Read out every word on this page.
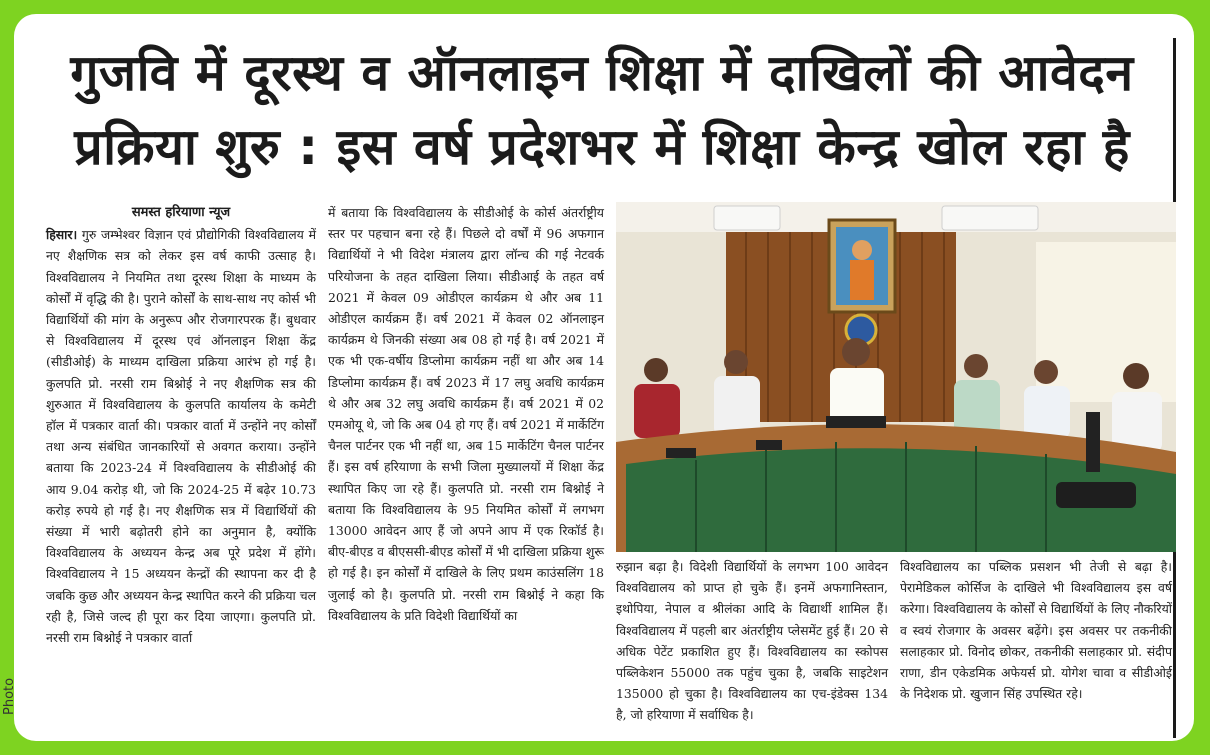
गुजवि में दूरस्थ व ऑनलाइन शिक्षा में दाखिलों की आवेदन
प्रक्रिया शुरु : इस वर्ष प्रदेशभर में शिक्षा केन्द्र खोल रहा है
समस्त हरियाणा न्यूज
हिसार। गुरु जम्भेश्वर विज्ञान एवं प्रौद्योगिकी विश्वविद्यालय में नए शैक्षणिक सत्र को लेकर इस वर्ष काफी उत्साह है। विश्वविद्यालय ने नियमित तथा दूरस्थ शिक्षा के माध्यम के कोर्सों में वृद्धि की है। पुराने कोर्सों के साथ-साथ नए कोर्स भी विद्यार्थियों की मांग के अनुरूप और रोजगारपरक हैं। बुधवार से विश्वविद्यालय में दूरस्थ एवं ऑनलाइन शिक्षा केंद्र (सीडीओई) के माध्यम दाखिला प्रक्रिया आरंभ हो गई है। कुलपति प्रो. नरसी राम बिश्नोई ने नए शैक्षणिक सत्र की शुरुआत में विश्वविद्यालय के कुलपति कार्यालय के कमेटी हॉल में पत्रकार वार्ता की। पत्रकार वार्ता में उन्होंने नए कोर्सों तथा अन्य संबंधित जानकारियों से अवगत कराया। उन्होंने बताया कि 2023-24 में विश्वविद्यालय के सीडीओई की आय 9.04 करोड़ थी, जो कि 2024-25 में बढ़ेर 10.73 करोड़ रुपये हो गई है। नए शैक्षणिक सत्र में विद्यार्थियों की संख्या में भारी बढ़ोतरी होने का अनुमान है, क्योंकि विश्वविद्यालय के अध्ययन केन्द्र अब पूरे प्रदेश में होंगे। विश्वविद्यालय ने 15 अध्ययन केन्द्रों की स्थापना कर दी है जबकि कुछ और अध्ययन केन्द्र स्थापित करने की प्रक्रिया चल रही है, जिसे जल्द ही पूरा कर दिया जाएगा। कुलपति प्रो. नरसी राम बिश्नोई ने पत्रकार वार्ता
में बताया कि विश्वविद्यालय के सीडीओई के कोर्स अंतर्राष्ट्रीय स्तर पर पहचान बना रहे हैं। पिछले दो वर्षों में 96 अफगान विद्यार्थियों ने भी विदेश मंत्रालय द्वारा लॉन्च की गई नेटवर्क परियोजना के तहत दाखिला लिया। सीडीआई के तहत वर्ष 2021 में केवल 09 ओडीएल कार्यक्रम थे और अब 11 ओडीएल कार्यक्रम हैं। वर्ष 2021 में केवल 02 ऑनलाइन कार्यक्रम थे जिनकी संख्या अब 08 हो गई है। वर्ष 2021 में एक भी एक-वर्षीय डिप्लोमा कार्यक्रम नहीं था और अब 14 डिप्लोमा कार्यक्रम हैं। वर्ष 2023 में 17 लघु अवधि कार्यक्रम थे और अब 32 लघु अवधि कार्यक्रम हैं। वर्ष 2021 में 02 एमओयू थे, जो कि अब 04 हो गए हैं। वर्ष 2021 में मार्केटिंग चैनल पार्टनर एक भी नहीं था, अब 15 मार्केटिंग चैनल पार्टनर हैं। इस वर्ष हरियाणा के सभी जिला मुख्यालयों में शिक्षा केंद्र स्थापित किए जा रहे हैं। कुलपति प्रो. नरसी राम बिश्नोई ने बताया कि विश्वविद्यालय के 95 नियमित कोर्सों में लगभग 13000 आवेदन आए हैं जो अपने आप में एक रिकॉर्ड है। बीए-बीएड व बीएससी-बीएड कोर्सों में भी दाखिला प्रक्रिया शुरू हो गई है। इन कोर्सों में दाखिले के लिए प्रथम काउंसलिंग 18 जुलाई को है। कुलपति प्रो. नरसी राम बिश्नोई ने कहा कि विश्वविद्यालय के प्रति विदेशी विद्यार्थियों का
रुझान बढ़ा है। विदेशी विद्यार्थियों के लगभग 100 आवेदन विश्वविद्यालय को प्राप्त हो चुके हैं। इनमें अफगानिस्तान, इथोपिया, नेपाल व श्रीलंका आदि के विद्यार्थी शामिल हैं। विश्वविद्यालय में पहली बार अंतर्राष्ट्रीय प्लेसमेंट हुई हैं। 20 से अधिक पेटेंट प्रकाशित हुए हैं। विश्वविद्यालय का स्कोपस पब्लिकेशन 55000 तक पहुंच चुका है, जबकि साइटेशन 135000 हो चुका है। विश्वविद्यालय का एच-इंडेक्स 134 है, जो हरियाणा में सर्वाधिक है।
विश्वविद्यालय का पब्लिक प्रसशन भी तेजी से बढ़ा है। पेरामेडिकल कोर्सिज के दाखिले भी विश्वविद्यालय इस वर्ष करेगा। विश्वविद्यालय के कोर्सों से विद्यार्थियों के लिए नौकरियों व स्वयं रोजगार के अवसर बढ़ेंगे। इस अवसर पर तकनीकी सलाहकार प्रो. विनोद छोकर, तकनीकी सलाहकार प्रो. संदीप राणा, डीन एकेडमिक अफेयर्स प्रो. योगेश चावा व सीडीओई के निदेशक प्रो. खुजान सिंह उपस्थित रहे।
Photo
